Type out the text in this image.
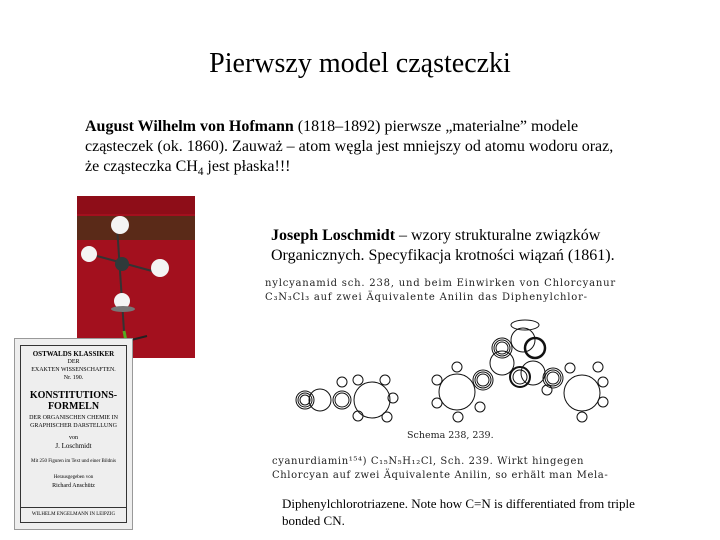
Pierwszy model cząsteczki
August Wilhelm von Hofmann (1818–1892) pierwsze „materialne” modele cząsteczek (ok. 1860). Zauważ – atom węgla jest mniejszy od atomu wodoru oraz, że cząsteczka $CH_4$ jest płaska!!!
OSTWALDS KLASSIKER
DER
EXAKTEN WISSENSCHAFTEN.
Nr. 190.
KONSTITUTIONS-
FORMELN
DER ORGANISCHEN CHEMIE IN GRAPHISCHER DARSTELLUNG
von
J. Loschmidt
Mit 250 Figuren im Text und einer Bildnis
Herausgegeben von
Richard Anschütz
WILHELM ENGELMANN IN LEIPZIG
Joseph Loschmidt – wzory strukturalne związków Organicznych. Specyfikacja krotności wiązań (1861).
nylcyanamid sch. 238, und beim Einwirken von Chlorcyanur
C₃N₃Cl₃ auf zwei Äquivalente Anilin das Diphenylchlor-
Schema 238, 239.
cyanurdiamin¹⁵⁴) C₁₅N₅H₁₂Cl, Sch. 239. Wirkt hingegen
Chlorcyan auf zwei Äquivalente Anilin, so erhält man Mela-
Diphenylchlorotriazene. Note how C=N is differentiated from triple bonded CN.
